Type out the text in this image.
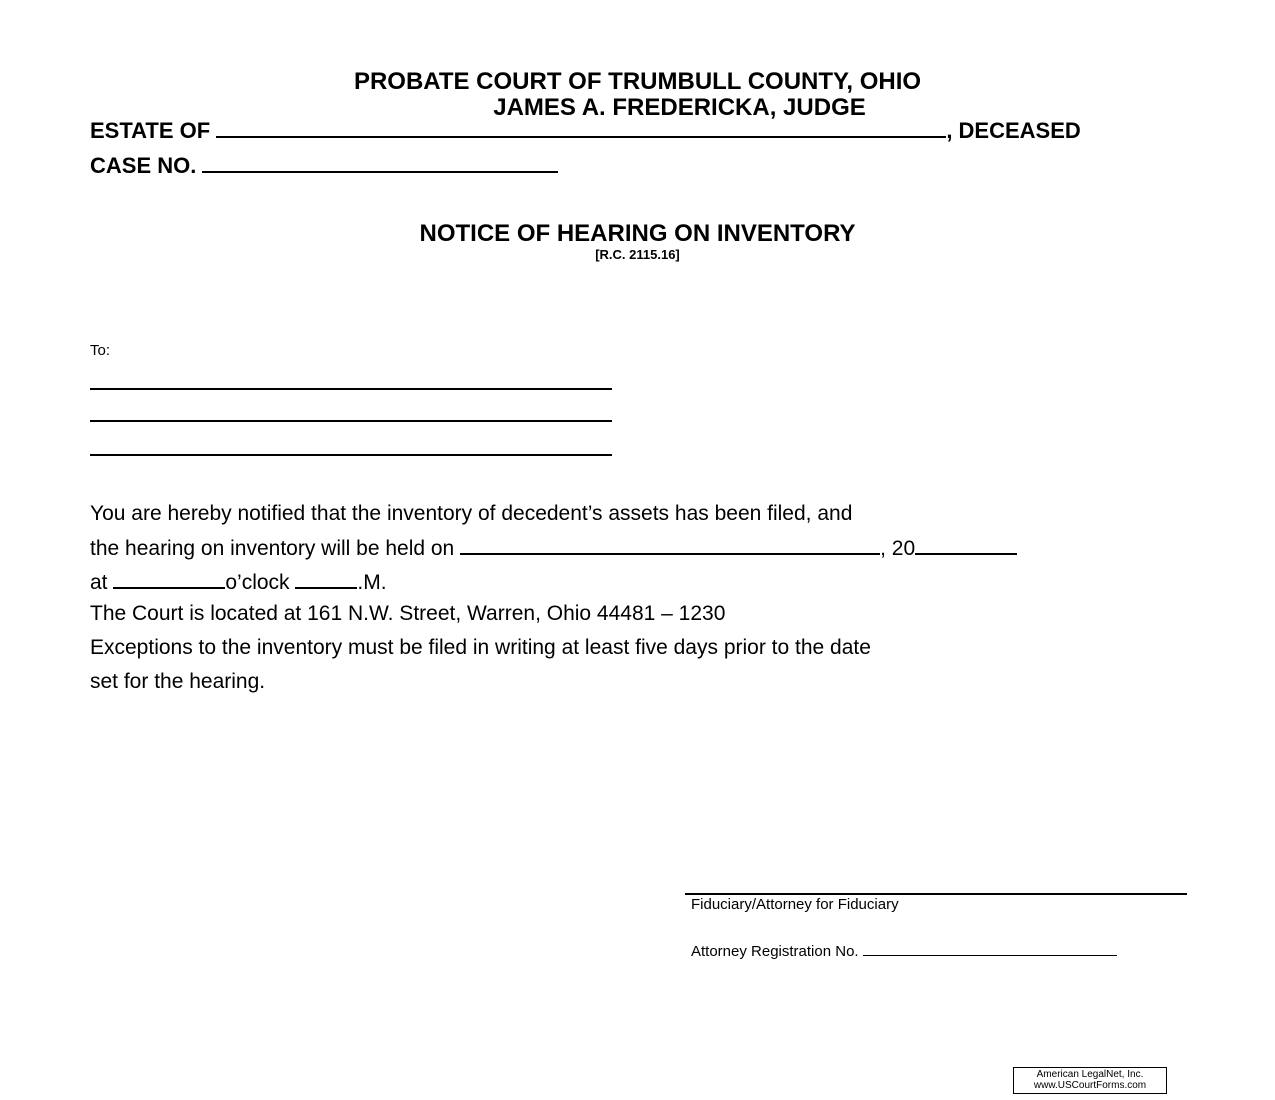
PROBATE COURT OF TRUMBULL COUNTY, OHIO
JAMES A. FREDERICKA, JUDGE
ESTATE OF	, DECEASED
CASE NO.
NOTICE OF HEARING ON INVENTORY
[R.C. 2115.16]
To:
You are hereby notified that the inventory of decedent’s assets has been filed, and
the hearing on inventory will be held on	, 20
at	o’clock	.M.
The Court is located at 161 N.W. Street, Warren, Ohio 44481 – 1230
Exceptions to the inventory must be filed in writing at least five days prior to the date
set for the hearing.
Fiduciary/Attorney for Fiduciary
Attorney Registration No.
American LegalNet, Inc.
www.USCourtForms.com
